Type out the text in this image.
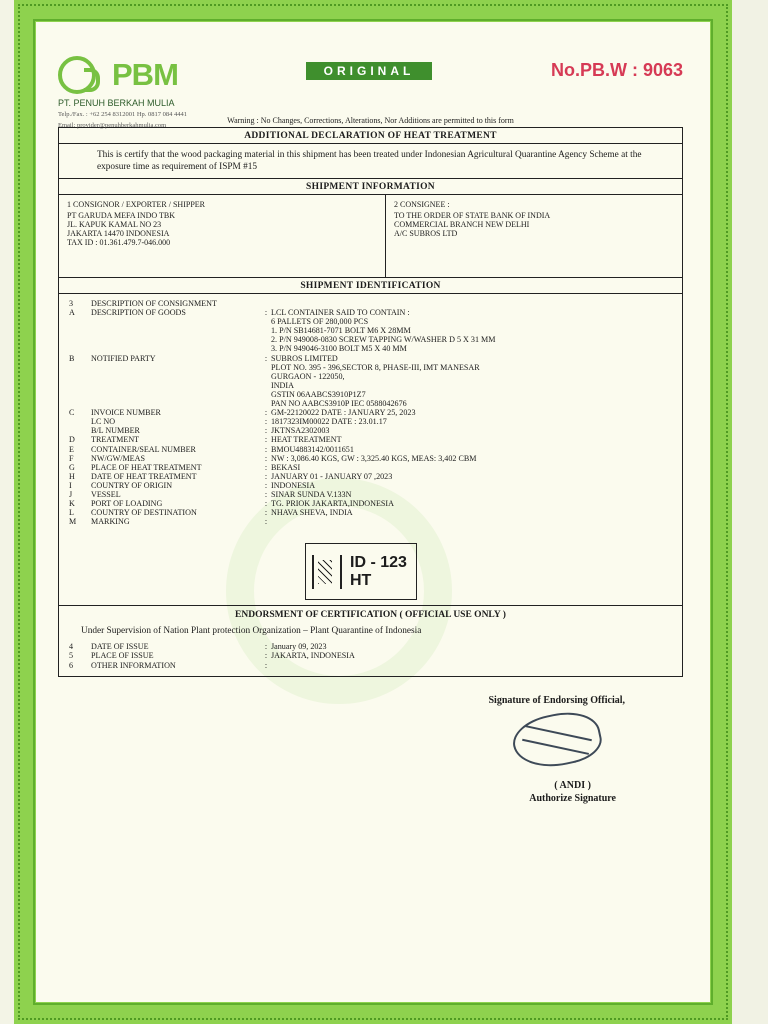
PBM
PT. PENUH BERKAH MULIA
Telp./Fax. : +62 254 8312001 Hp. 0817 084 4441
Email: provider@penuhberkahmulia.com
ORIGINAL	No.PB.W : 9063
Warning : No Changes, Corrections, Alterations, Nor Additions are permitted to this form
ADDITIONAL DECLARATION OF HEAT TREATMENT
This is certify that the wood packaging material in this shipment has been treated under Indonesian Agricultural Quarantine Agency Scheme at the exposure time as requirement of ISPM #15
SHIPMENT INFORMATION
1 CONSIGNOR / EXPORTER / SHIPPER
PT GARUDA MEFA INDO TBK
JL. KAPUK KAMAL NO 23
JAKARTA 14470 INDONESIA
TAX ID : 01.361.479.7-046.000
2 CONSIGNEE :
TO THE ORDER OF STATE BANK OF INDIA
COMMERCIAL BRANCH NEW DELHI
A/C SUBROS LTD
SHIPMENT IDENTIFICATION
3	DESCRIPTION OF CONSIGNMENT
A	DESCRIPTION OF GOODS	: LCL CONTAINER SAID TO CONTAIN :
6 PALLETS OF 280,000 PCS
1. P/N SB14681-7071 BOLT M6 X 28MM
2. P/N 949008-0830 SCREW TAPPING W/WASHER D 5 X 31 MM
3. P/N 949046-3100 BOLT M5 X 40 MM
B	NOTIFIED PARTY	: SUBROS LIMITED
PLOT NO. 395 - 396,SECTOR 8, PHASE-III, IMT MANESAR
GURGAON - 122050,
INDIA
GSTIN 06AABCS3910P1Z7
PAN NO AABCS3910P IEC 0588042676
C	INVOICE NUMBER	: GM-22120022 DATE : JANUARY 25, 2023
LC NO	: 1817323IM00022 DATE : 23.01.17
B/L NUMBER	: JKTNSA2302003
D	TREATMENT	: HEAT TREATMENT
E	CONTAINER/SEAL NUMBER	: BMOU4883142/0011651
F	NW/GW/MEAS	: NW : 3,086.40 KGS, GW : 3,325.40 KGS, MEAS: 3,402 CBM
G	PLACE OF HEAT TREATMENT	: BEKASI
H	DATE OF HEAT TREATMENT	: JANUARY 01 - JANUARY 07 ,2023
I	COUNTRY OF ORIGIN	: INDONESIA
J	VESSEL	: SINAR SUNDA V.133N
K	PORT OF LOADING	: TG. PRIOK JAKARTA,INDONESIA
L	COUNTRY OF DESTINATION	: NHAVA SHEVA, INDIA
M	MARKING	:
ID - 123
HT
ENDORSMENT OF CERTIFICATION ( OFFICIAL USE ONLY )
Under Supervision of Nation Plant protection Organization – Plant Quarantine of Indonesia
4	DATE OF ISSUE	: January 09, 2023
5	PLACE OF ISSUE	: JAKARTA, INDONESIA
6	OTHER INFORMATION	:
Signature of Endorsing Official,
( ANDI )
Authorize Signature
